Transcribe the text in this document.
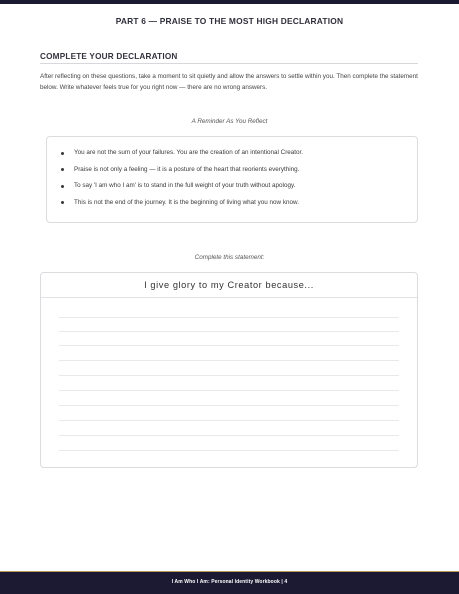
PART 6 — PRAISE TO THE MOST HIGH DECLARATION
COMPLETE YOUR DECLARATION

After reflecting on these questions, take a moment to sit quietly and allow the answers to settle within you. Then complete the statement below. Write whatever feels true for you right now — there are no wrong answers.

A Reminder As You Reflect
You are not the sum of your failures. You are the creation of an intentional Creator.
Praise is not only a feeling — it is a posture of the heart that reorients everything.
To say 'I am who I am' is to stand in the full weight of your truth without apology.
This is not the end of the journey. It is the beginning of living what you now know.
Complete this statement:
I give glory to my Creator because...
I Am Who I Am: Personal Identity Workbook | 4
